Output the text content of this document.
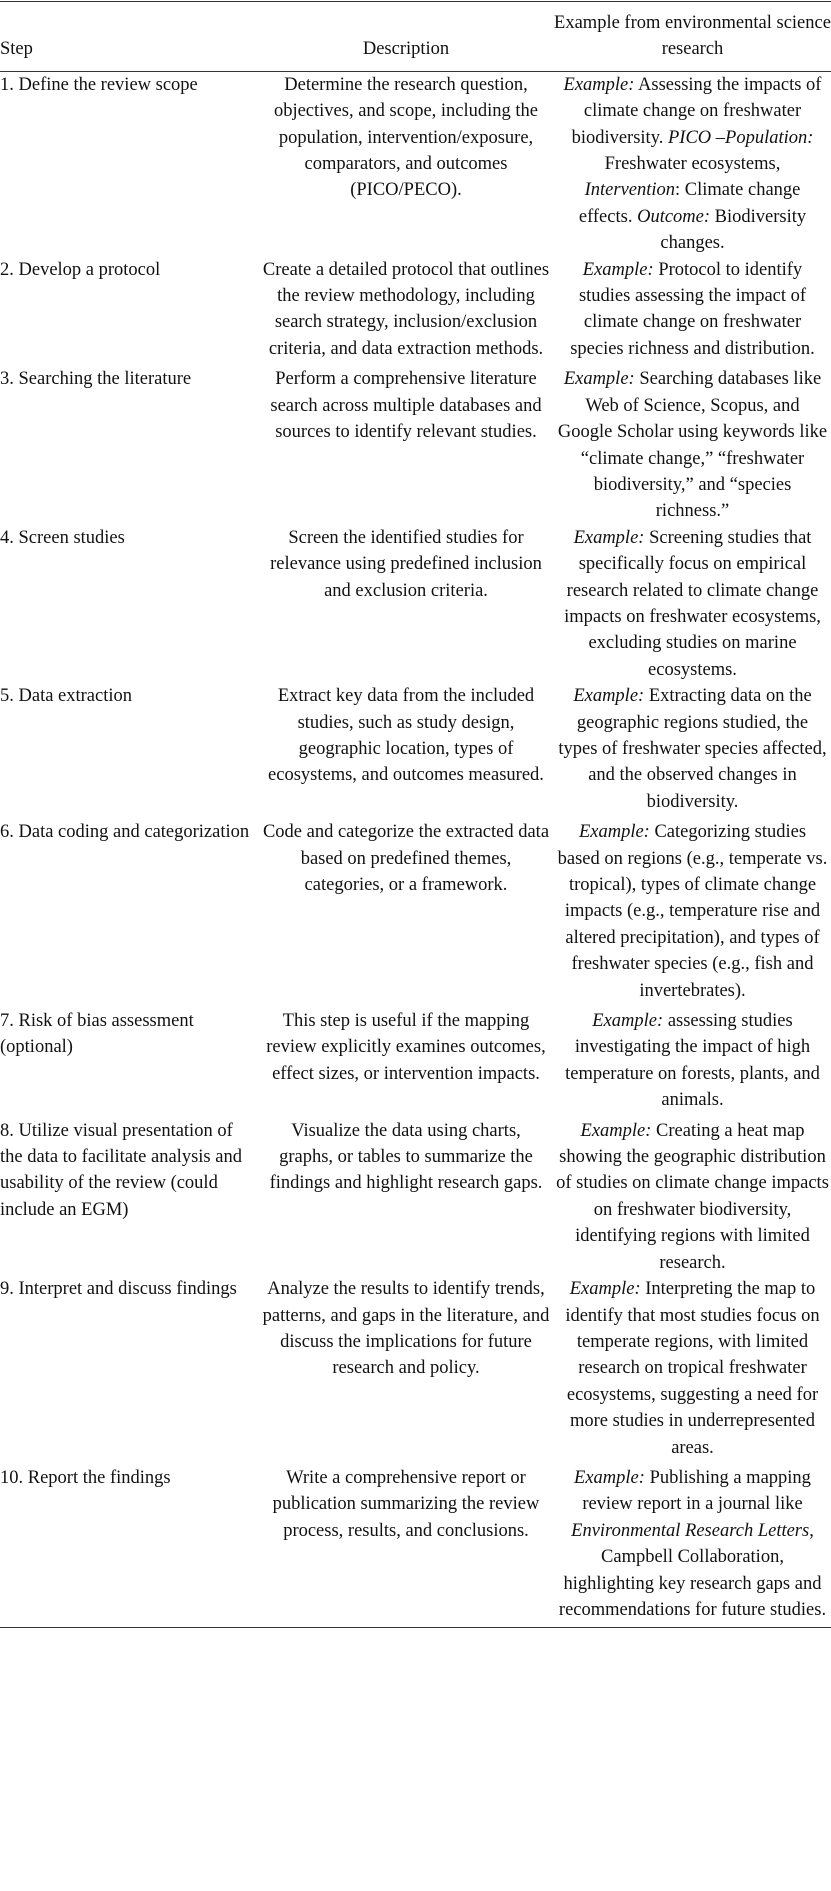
Step	Description	Example from environmental science research
1. Define the review scope	Determine the research question, objectives, and scope, including the population, intervention/exposure, comparators, and outcomes (PICO/PECO).	Example: Assessing the impacts of climate change on freshwater biodiversity. PICO –Population: Freshwater ecosystems, Intervention: Climate change effects. Outcome: Biodiversity changes.
2. Develop a protocol	Create a detailed protocol that outlines the review methodology, including search strategy, inclusion/exclusion criteria, and data extraction methods.	Example: Protocol to identify studies assessing the impact of climate change on freshwater species richness and distribution.
3. Searching the literature	Perform a comprehensive literature search across multiple databases and sources to identify relevant studies.	Example: Searching databases like Web of Science, Scopus, and Google Scholar using keywords like “climate change,” “freshwater biodiversity,” and “species richness.”
4. Screen studies	Screen the identified studies for relevance using predefined inclusion and exclusion criteria.	Example: Screening studies that specifically focus on empirical research related to climate change impacts on freshwater ecosystems, excluding studies on marine ecosystems.
5. Data extraction	Extract key data from the included studies, such as study design, geographic location, types of ecosystems, and outcomes measured.	Example: Extracting data on the geographic regions studied, the types of freshwater species affected, and the observed changes in biodiversity.
6. Data coding and categorization	Code and categorize the extracted data based on predefined themes, categories, or a framework.	Example: Categorizing studies based on regions (e.g., temperate vs. tropical), types of climate change impacts (e.g., temperature rise and altered precipitation), and types of freshwater species (e.g., fish and invertebrates).
7. Risk of bias assessment (optional)	This step is useful if the mapping review explicitly examines outcomes, effect sizes, or intervention impacts.	Example: assessing studies investigating the impact of high temperature on forests, plants, and animals.
8. Utilize visual presentation of the data to facilitate analysis and usability of the review (could include an EGM)	Visualize the data using charts, graphs, or tables to summarize the findings and highlight research gaps.	Example: Creating a heat map showing the geographic distribution of studies on climate change impacts on freshwater biodiversity, identifying regions with limited research.
9. Interpret and discuss findings	Analyze the results to identify trends, patterns, and gaps in the literature, and discuss the implications for future research and policy.	Example: Interpreting the map to identify that most studies focus on temperate regions, with limited research on tropical freshwater ecosystems, suggesting a need for more studies in underrepresented areas.
10. Report the findings	Write a comprehensive report or publication summarizing the review process, results, and conclusions.	Example: Publishing a mapping review report in a journal like Environmental Research Letters, Campbell Collaboration, highlighting key research gaps and recommendations for future studies.
